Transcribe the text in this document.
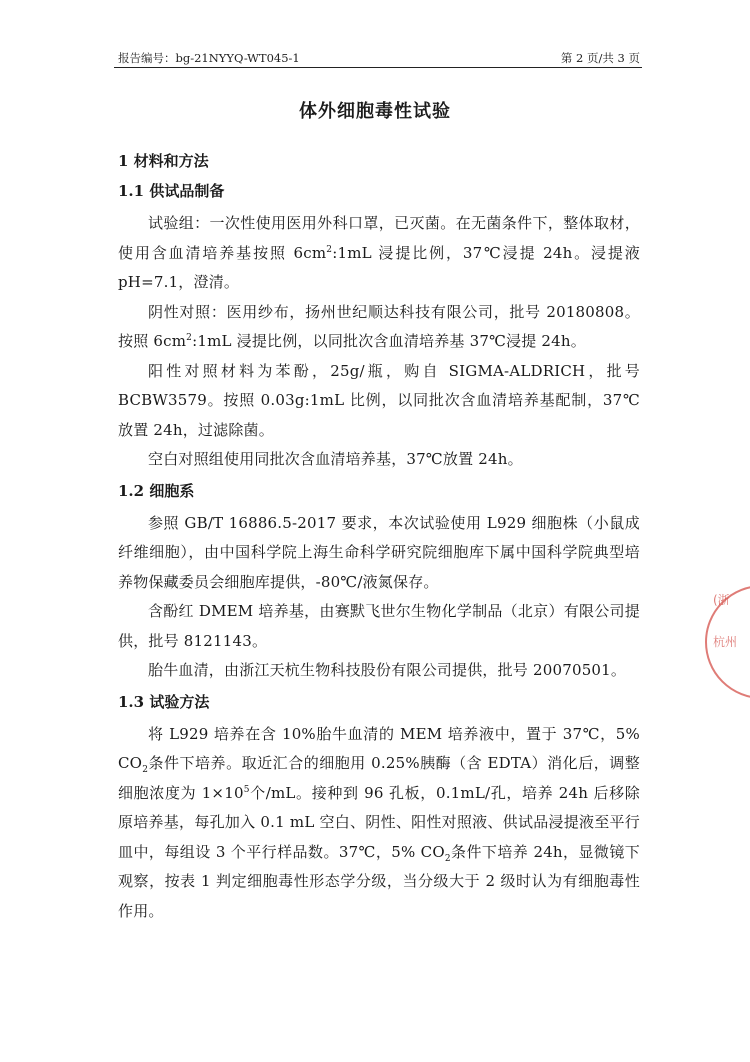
报告编号：bg-21NYYQ-WT045-1	第 2 页/共 3 页
体外细胞毒性试验
1 材料和方法
1.1 供试品制备

试验组：一次性使用医用外科口罩，已灭菌。在无菌条件下，整体取材，使用含血清培养基按照 $6cm^2:1mL$ 浸提比例，37℃浸提 24h。浸提液 pH=7.1，澄清。

阴性对照：医用纱布，扬州世纪顺达科技有限公司，批号 20180808。按照 $6cm^2:1mL$ 浸提比例，以同批次含血清培养基 37℃浸提 24h。

阳性对照材料为苯酚，25g/瓶，购自 SIGMA-ALDRICH，批号 BCBW3579。按照 0.03g:1mL 比例，以同批次含血清培养基配制，37℃放置 24h，过滤除菌。

空白对照组使用同批次含血清培养基，37℃放置 24h。

1.2 细胞系

参照 GB/T 16886.5-2017 要求，本次试验使用 L929 细胞株（小鼠成纤维细胞），由中国科学院上海生命科学研究院细胞库下属中国科学院典型培养物保藏委员会细胞库提供，-80℃/液氮保存。

含酚红 DMEM 培养基，由赛默飞世尔生物化学制品（北京）有限公司提供，批号 8121143。

胎牛血清，由浙江天杭生物科技股份有限公司提供，批号 20070501。

1.3 试验方法

将 L929 培养在含 10%胎牛血清的 MEM 培养液中，置于 37℃，5% $CO_2$条件下培养。取近汇合的细胞用 0.25%胰酶（含 EDTA）消化后，调整细胞浓度为 $1\times 10^5$个/mL。接种到 96 孔板，0.1mL/孔，培养 24h 后移除原培养基，每孔加入 0.1 mL 空白、阴性、阳性对照液、供试品浸提液至平行皿中，每组设 3 个平行样品数。37℃，5% $CO_2$条件下培养 24h，显微镜下观察，按表 1 判定细胞毒性形态学分级，当分级大于 2 级时认为有细胞毒性作用。

(浙
杭州
